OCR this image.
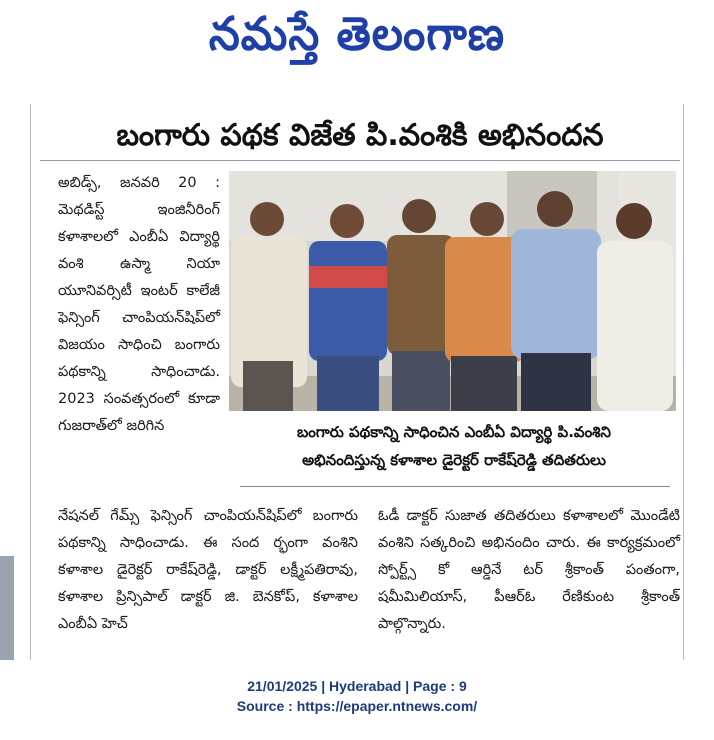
నమస్తే తెలంగాణ
బంగారు పథక విజేత పి.వంశికి అభినందన
అబిడ్స్, జనవరి 20 : మెథడిస్ట్ ఇంజినీరింగ్ కళాశాలలో ఎంబీఏ విద్యార్థి వంశి ఉస్మా నియా యూనివర్సిటీ ఇంటర్ కాలేజీ ఫెన్సింగ్ చాంపియన్‌షిప్‌లో విజయం సాధించి బంగారు పథకాన్ని సాధించాడు. 2023 సంవత్సరంలో కూడా గుజరాత్‌లో జరిగిన	బంగారు పథకాన్ని సాధించిన ఎంబీఏ విద్యార్థి పి.వంశిని
అభినందిస్తున్న కళాశాల డైరెక్టర్ రాకేష్‌రెడ్డి తదితరులు
నేషనల్ గేమ్స్ ఫెన్సింగ్ చాంపియన్‌షిప్‌లో బంగారు పథకాన్ని సాధించాడు. ఈ సంద ర్భంగా వంశిని కళాశాల డైరెక్టర్ రాకేష్‌రెడ్డి, డాక్టర్ లక్ష్మీపతిరావు, కళాశాల ప్రిన్సిపాల్ డాక్టర్ జి. బెనకోప్, కళాశాల ఎంబీఏ హెచ్
ఓడీ డాక్టర్ సుజాత తదితరులు కళాశాలలో మొండేటి వంశిని సత్కరించి అభినందిం చారు. ఈ కార్యక్రమంలో స్పోర్ట్స్ కో ఆర్డినే టర్ శ్రీకాంత్ పంతంగా, షమీమిలియాస్, పీఆర్‌ఓ రేణికుంట శ్రీకాంత్ పాల్గొన్నారు.
21/01/2025 | Hyderabad | Page : 9
Source : https://epaper.ntnews.com/
